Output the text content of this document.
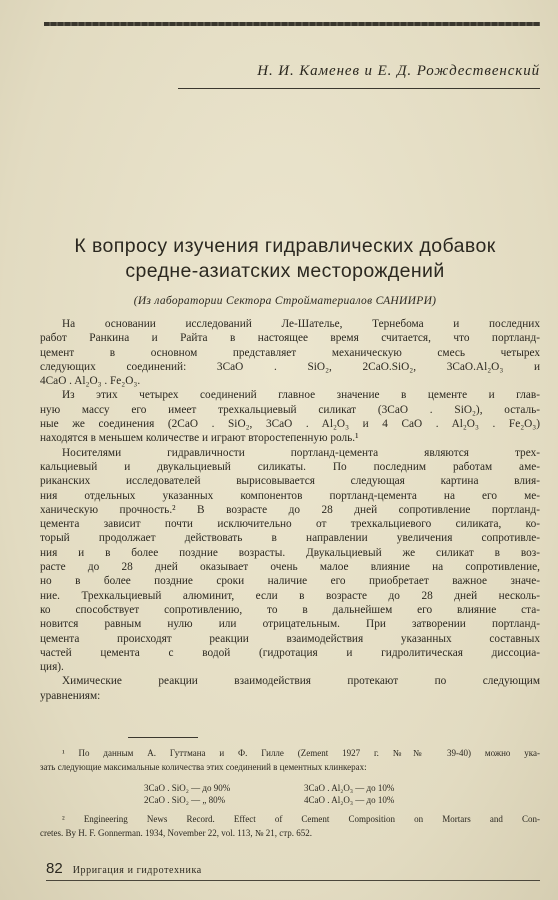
Н. И. Каменев и Е. Д. Рождественский
К вопросу изучения гидравлических добавок
средне-азиатских месторождений
(Из лаборатории Сектора Стройматериалов САНИИРИ)

На основании исследований Ле-Шателье, Тернебома и последних
работ Ранкина и Райта в настоящее время считается, что портланд-
цемент в основном представляет механическую смесь четырех
следующих соединений: 3CaO . SiO₂, 2CaO.SiO₂, 3CaO.Al₂O₃ и
4CaO . Al₂O₃ . Fe₂O₃.

Из этих четырех соединений главное значение в цементе и глав-
ную массу его имеет трехкальциевый силикат (3CaO . SiO₂), осталь-
ные же соединения (2CaO . SiO₂, 3CaO . Al₂O₃ и 4 CaO . Al₂O₃ . Fe₂O₃)
находятся в меньшем количестве и играют второстепенную роль.¹

Носителями гидравличности портланд-цемента являются трех-
кальциевый и двукальциевый силикаты. По последним работам аме-
риканских исследователей вырисовывается следующая картина влия-
ния отдельных указанных компонентов портланд-цемента на его ме-
ханическую прочность.² В возрасте до 28 дней сопротивление портланд-
цемента зависит почти исключительно от трехкальциевого силиката, ко-
торый продолжает действовать в направлении увеличения сопротивле-
ния и в более поздние возрасты. Двукальциевый же силикат в воз-
расте до 28 дней оказывает очень малое влияние на сопротивление,
но в более поздние сроки наличие его приобретает важное значе-
ние. Трехкальциевый алюминит, если в возрасте до 28 дней несколь-
ко способствует сопротивлению, то в дальнейшем его влияние ста-
новится равным нулю или отрицательным. При затворении портланд-
цемента происходят реакции взаимодействия указанных составных
частей цемента с водой (гидротация и гидролитическая диссоциа-
ция).

Химические реакции взаимодействия протекают по следующим
уравнениям:

¹ По данным А. Гуттмана и Ф. Гилле (Zement 1927 г. №№ 39-40) можно ука-
зать следующие максимальные количества этих соединений в цементных клинкерах:
3CaO . SiO₂ — до 90%	3CaO . Al₂O₃ — до 10%
2CaO . SiO₂ — „ 80%	4CaO . Al₂O₃ — до 10%
² Engineering News Record. Effect of Cement Composition on Mortars and Con-
cretes. By H. F. Gonnerman. 1934, November 22, vol. 113, № 21, стр. 652.
82 Ирригация и гидротехника
